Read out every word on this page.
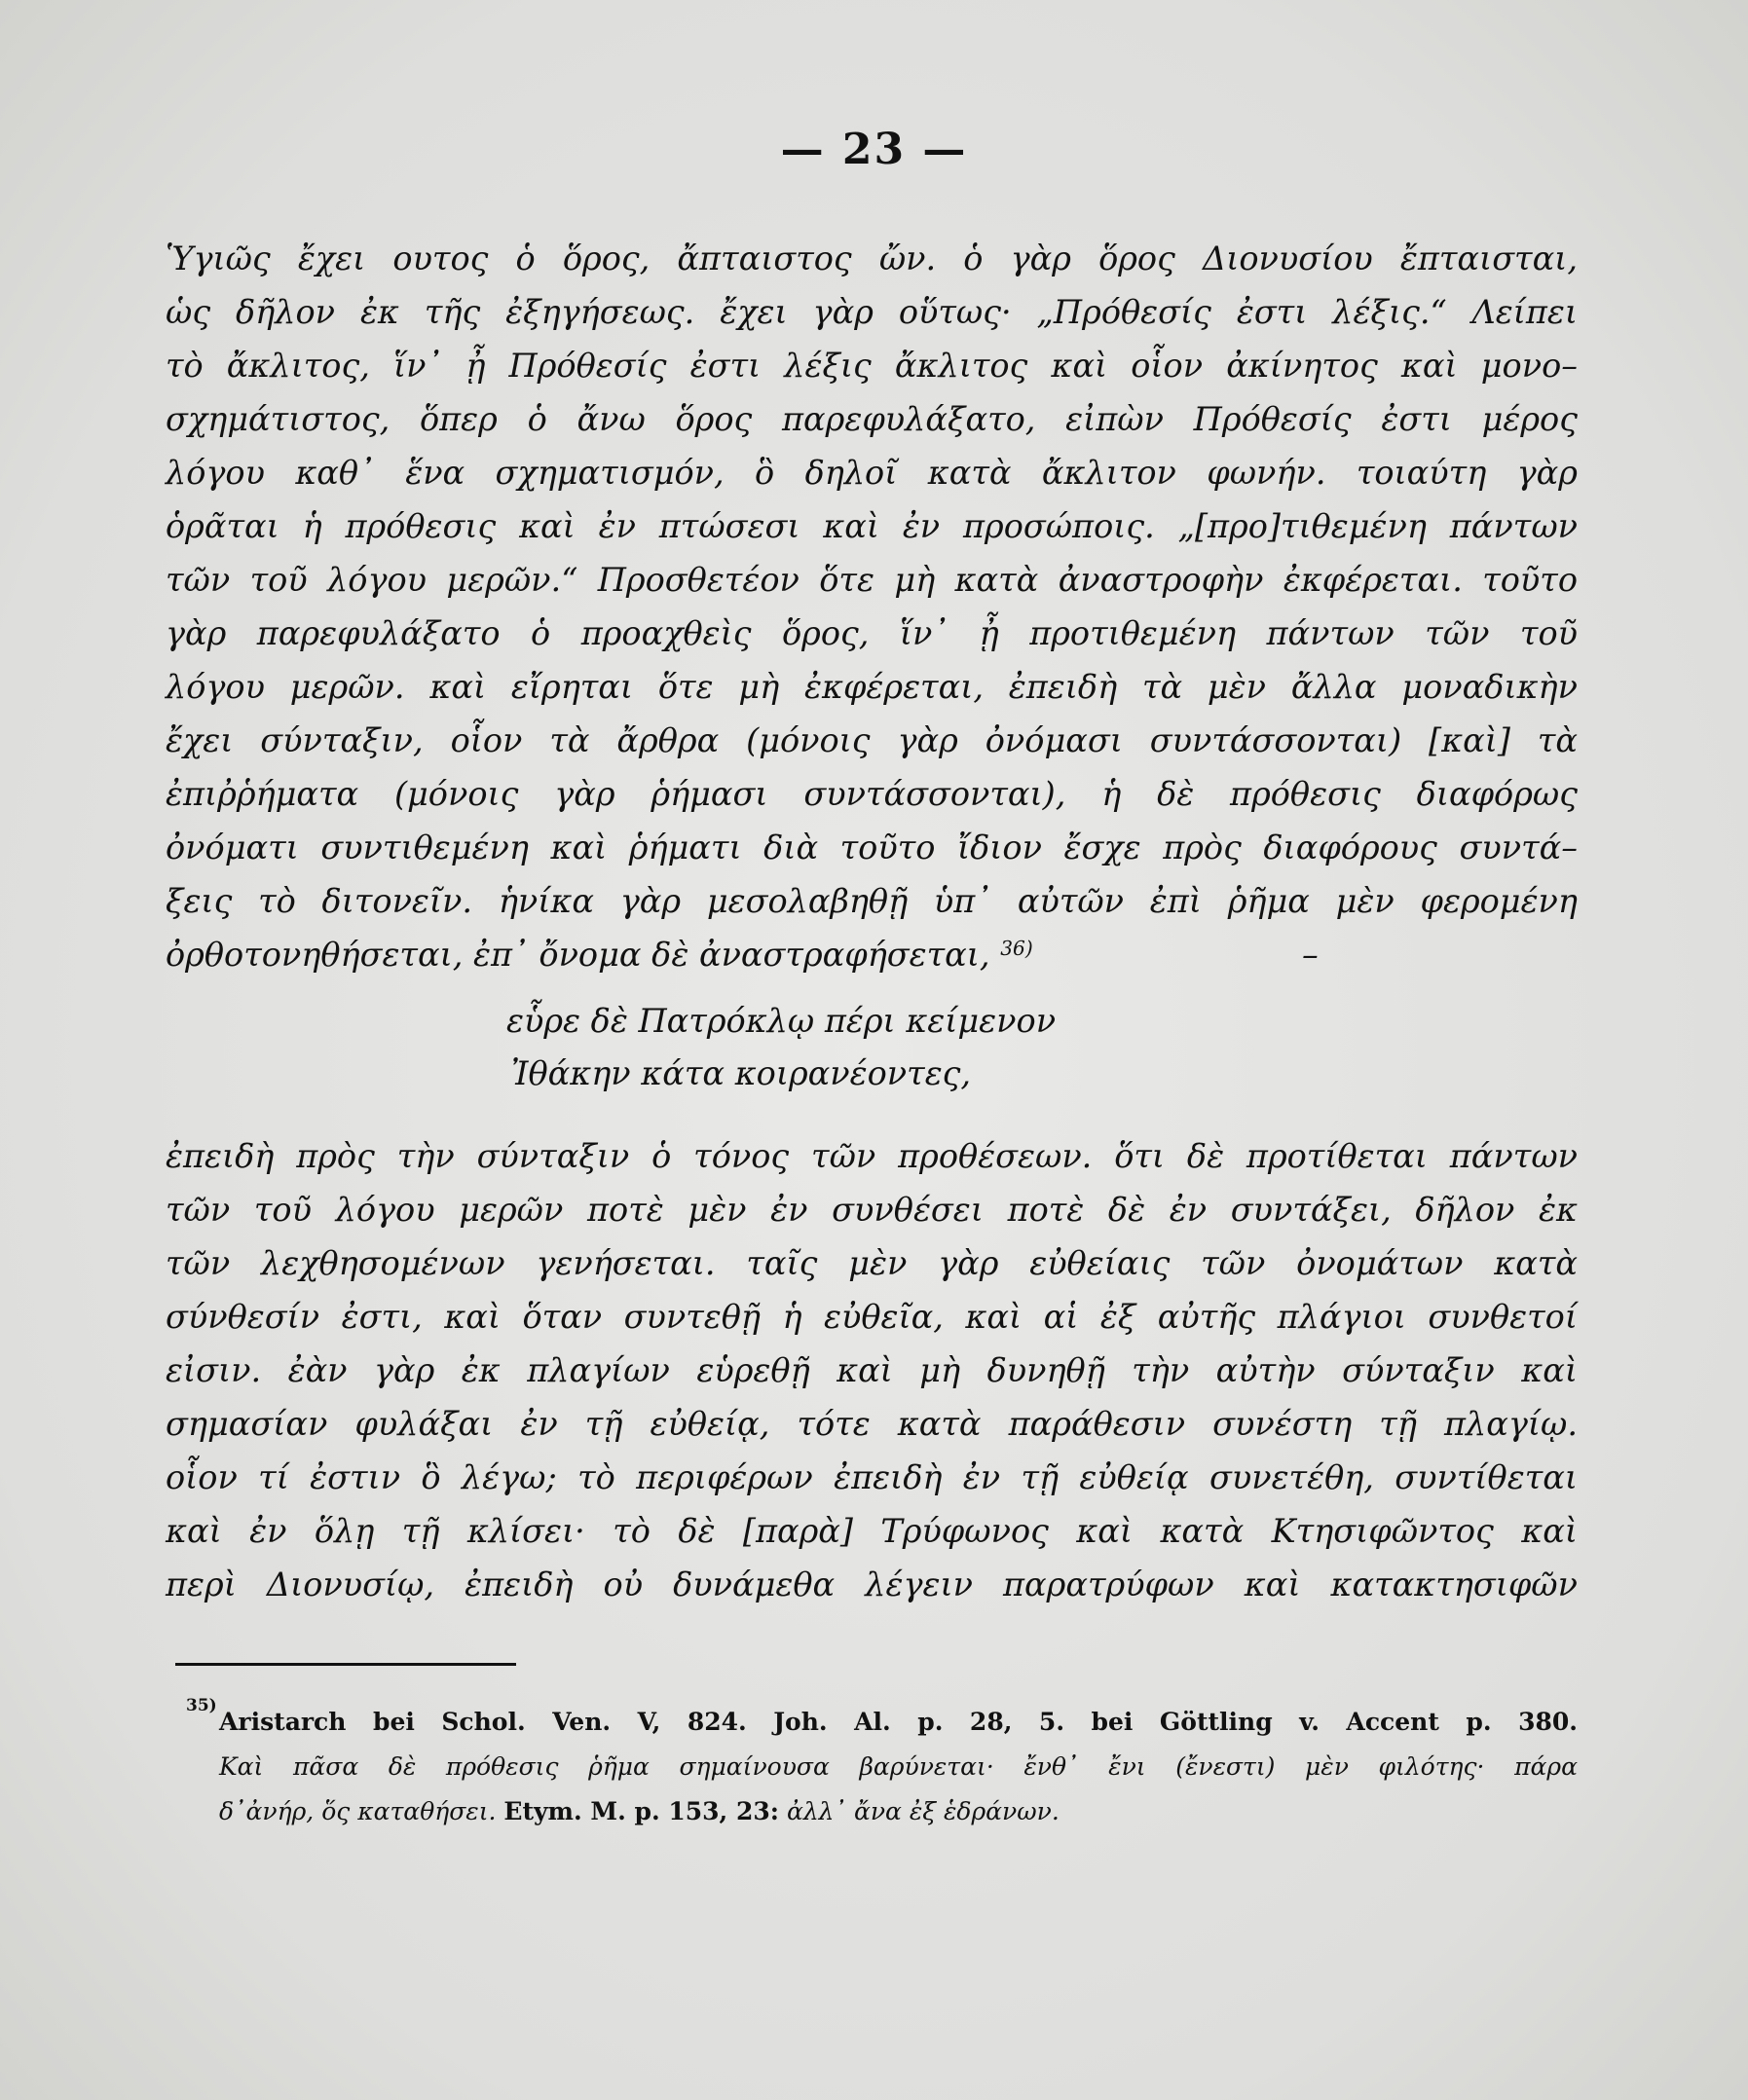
— 23 —
Ὑγιῶς ἔχει ουτος ὁ ὅρος, ἄπταιστος ὤν. ὁ γὰρ ὅρος Διονυσίου ἔπταισται,
ὡς δῆλον ἐκ τῆς ἐξηγήσεως. ἔχει γὰρ οὕτως· „Πρόθεσίς ἐστι λέξις.“ Λείπει
τὸ ἄκλιτος, ἵν᾿ ᾖ Πρόθεσίς ἐστι λέξις ἄκλιτος καὶ οἷον ἀκίνητος καὶ μονο–
σχημάτιστος, ὅπερ ὁ ἄνω ὅρος παρεφυλάξατο, εἰπὼν Πρόθεσίς ἐστι μέρος
λόγου καθ᾿ ἕνα σχηματισμόν, ὃ δηλοῖ κατὰ ἄκλιτον φωνήν. τοιαύτη γὰρ
ὁρᾶται ἡ πρόθεσις καὶ ἐν πτώσεσι καὶ ἐν προσώποις. „[προ]τιθεμένη πάντων
τῶν τοῦ λόγου μερῶν.“ Προσθετέον ὅτε μὴ κατὰ ἀναστροφὴν ἐκφέρεται. τοῦτο
γὰρ παρεφυλάξατο ὁ προαχθεὶς ὅρος, ἵν᾿ ᾖ προτιθεμένη πάντων τῶν τοῦ
λόγου μερῶν. καὶ εἴρηται ὅτε μὴ ἐκφέρεται, ἐπειδὴ τὰ μὲν ἄλλα μοναδικὴν
ἔχει σύνταξιν, οἷον τὰ ἄρθρα (μόνοις γὰρ ὀνόμασι συντάσσονται) [καὶ] τὰ
ἐπιῤῥήματα (μόνοις γὰρ ῥήμασι συντάσσονται), ἡ δὲ πρόθεσις διαφόρως
ὀνόματι συντιθεμένη καὶ ῥήματι διὰ τοῦτο ἴδιον ἔσχε πρὸς διαφόρους συντά–
ξεις τὸ διτονεῖν. ἡνίκα γὰρ μεσολαβηθῇ ὑπ᾿ αὐτῶν ἐπὶ ῥῆμα μὲν φερομένη
ὀρθοτονηθήσεται, ἐπ᾿ ὄνομα δὲ ἀναστραφήσεται, $^{36)}$	–
εὗρε δὲ Πατρόκλῳ πέρι κείμενον
Ἰθάκην κάτα κοιρανέοντες,
ἐπειδὴ πρὸς τὴν σύνταξιν ὁ τόνος τῶν προθέσεων. ὅτι δὲ προτίθεται πάντων
τῶν τοῦ λόγου μερῶν ποτὲ μὲν ἐν συνθέσει ποτὲ δὲ ἐν συντάξει, δῆλον ἐκ
τῶν λεχθησομένων γενήσεται. ταῖς μὲν γὰρ εὐθείαις τῶν ὀνομάτων κατὰ
σύνθεσίν ἐστι, καὶ ὅταν συντεθῇ ἡ εὐθεῖα, καὶ αἱ ἐξ αὐτῆς πλάγιοι συνθετοί
εἰσιν. ἐὰν γὰρ ἐκ πλαγίων εὑρεθῇ καὶ μὴ δυνηθῇ τὴν αὐτὴν σύνταξιν καὶ
σημασίαν φυλάξαι ἐν τῇ εὐθείᾳ, τότε κατὰ παράθεσιν συνέστη τῇ πλαγίῳ.
οἷον τί ἐστιν ὃ λέγω; τὸ περιφέρων ἐπειδὴ ἐν τῇ εὐθείᾳ συνετέθη, συντίθεται
καὶ ἐν ὅλῃ τῇ κλίσει· τὸ δὲ [παρὰ] Τρύφωνος καὶ κατὰ Κτησιφῶντος καὶ
περὶ Διονυσίῳ, ἐπειδὴ οὐ δυνάμεθα λέγειν παρατρύφων καὶ κατακτησιφῶν
35)
Aristarch bei Schol. Ven. V, 824. Joh. Al. p. 28, 5. bei Göttling v. Accent p. 380.
Καὶ πᾶσα δὲ πρόθεσις ῥῆμα σημαίνουσα βαρύνεται· ἔνθ᾿ ἔνι (ἔνεστι) μὲν φιλότης· πάρα
δ᾿ἀνήρ, ὅς καταθήσει. Etym. M. p. 153, 23: ἀλλ᾿ ἄνα ἐξ ἑδράνων.
